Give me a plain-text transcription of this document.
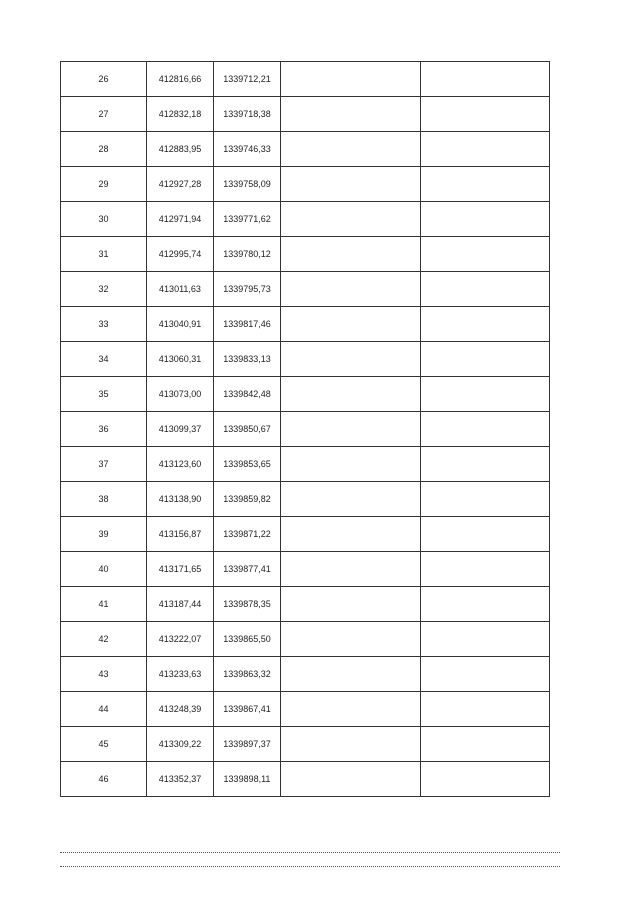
26	412816,66	1339712,21		
27	412832,18	1339718,38		
28	412883,95	1339746,33		
29	412927,28	1339758,09		
30	412971,94	1339771,62		
31	412995,74	1339780,12		
32	413011,63	1339795,73		
33	413040,91	1339817,46		
34	413060,31	1339833,13		
35	413073,00	1339842,48		
36	413099,37	1339850,67		
37	413123,60	1339853,65		
38	413138,90	1339859,82		
39	413156,87	1339871,22		
40	413171,65	1339877,41		
41	413187,44	1339878,35		
42	413222,07	1339865,50		
43	413233,63	1339863,32		
44	413248,39	1339867,41		
45	413309,22	1339897,37		
46	413352,37	1339898,11		
